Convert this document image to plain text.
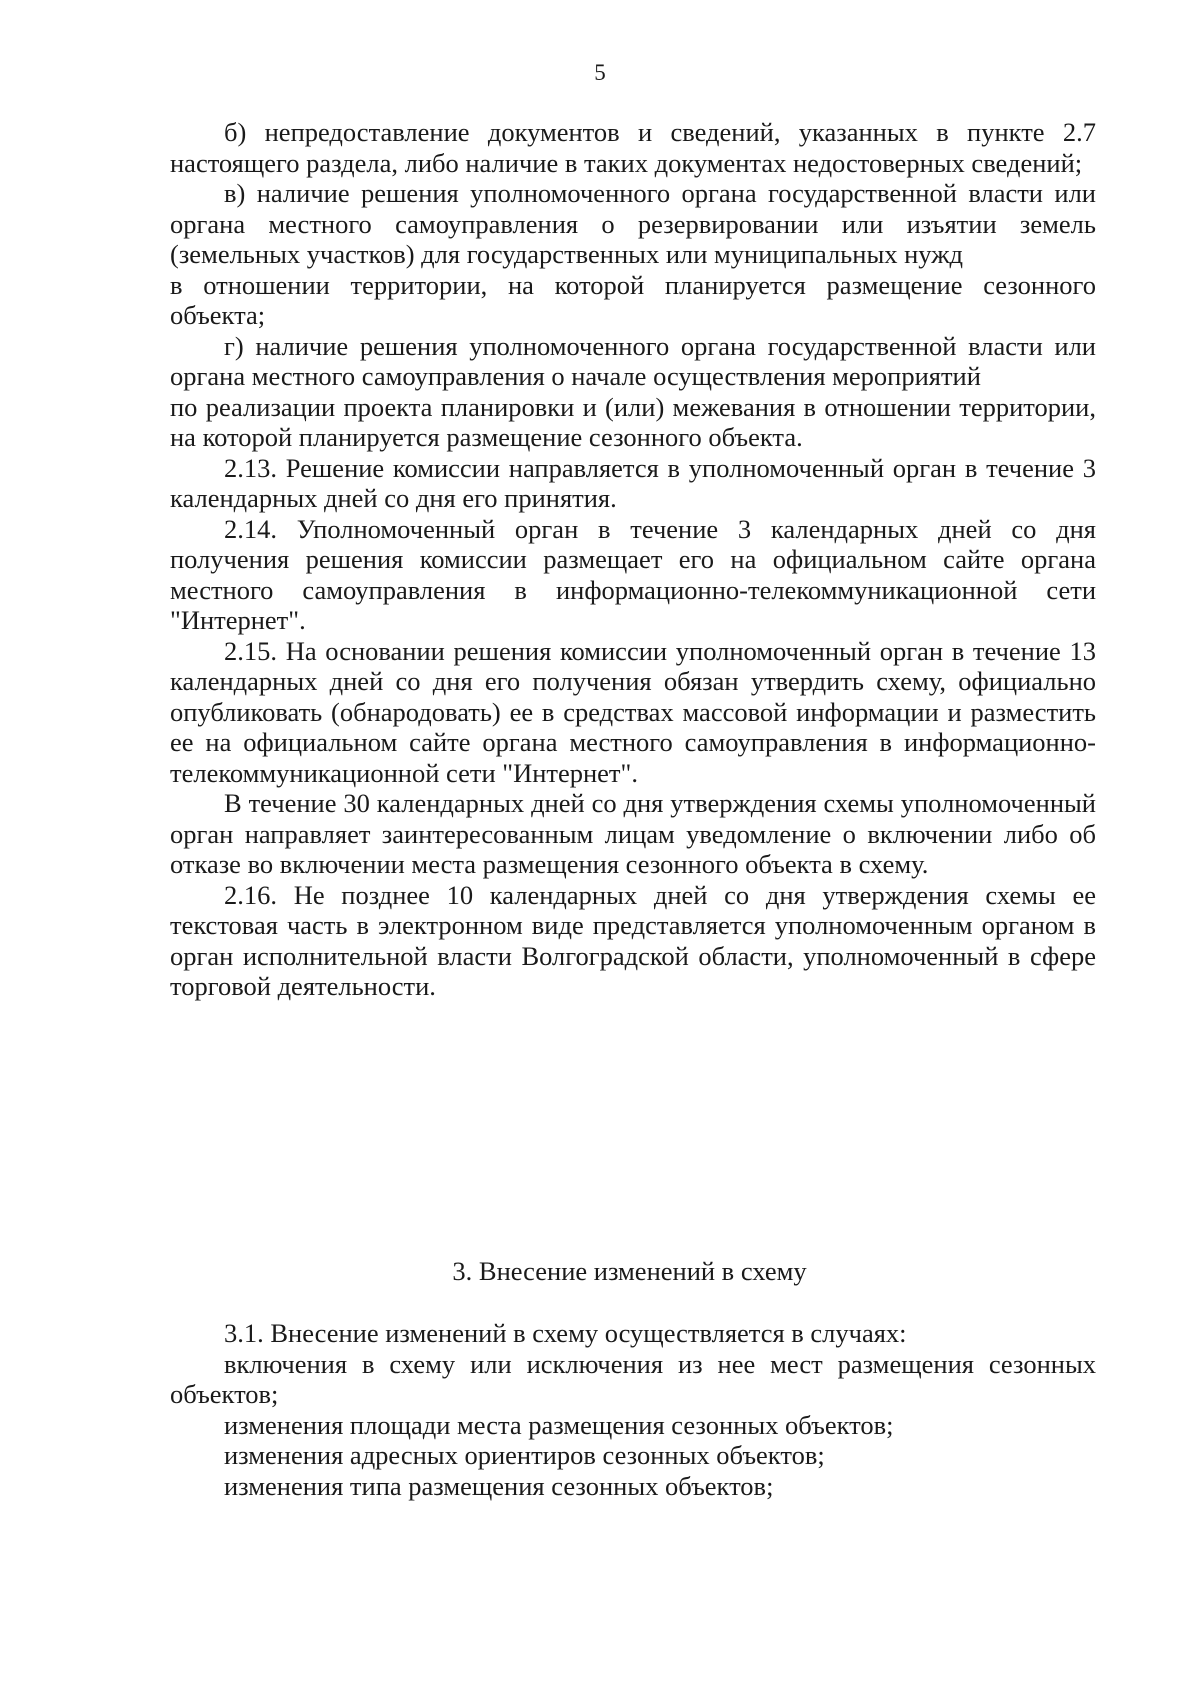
5

б) непредоставление документов и сведений, указанных в пункте 2.7 настоящего раздела, либо наличие в таких документах недостоверных сведений;

в) наличие решения уполномоченного органа государственной власти или органа местного самоуправления о резервировании или изъятии земель (земельных участков) для государственных или муниципальных нужд

в отношении территории, на которой планируется размещение сезонного объекта;

г) наличие решения уполномоченного органа государственной власти или органа местного самоуправления о начале осуществления мероприятий

по реализации проекта планировки и (или) межевания в отношении территории, на которой планируется размещение сезонного объекта.

2.13. Решение комиссии направляется в уполномоченный орган в течение 3 календарных дней со дня его принятия.

2.14. Уполномоченный орган в течение 3 календарных дней со дня получения решения комиссии размещает его на официальном сайте органа местного самоуправления в информационно-телекоммуникационной сети "Интернет".

2.15. На основании решения комиссии уполномоченный орган в течение 13 календарных дней со дня его получения обязан утвердить схему, официально опубликовать (обнародовать) ее в средствах массовой информации и разместить ее на официальном сайте органа местного самоуправления в информационно-телекоммуникационной сети "Интернет".

В течение 30 календарных дней со дня утверждения схемы уполномоченный орган направляет заинтересованным лицам уведомление о включении либо об отказе во включении места размещения сезонного объекта в схему.

2.16. Не позднее 10 календарных дней со дня утверждения схемы ее текстовая часть в электронном виде представляется уполномоченным органом в орган исполнительной власти Волгоградской области, уполномоченный в сфере торговой деятельности.

3. Внесение изменений в схему

3.1. Внесение изменений в схему осуществляется в случаях:

включения в схему или исключения из нее мест размещения сезонных объектов;

изменения площади места размещения сезонных объектов;

изменения адресных ориентиров сезонных объектов;

изменения типа размещения сезонных объектов;
